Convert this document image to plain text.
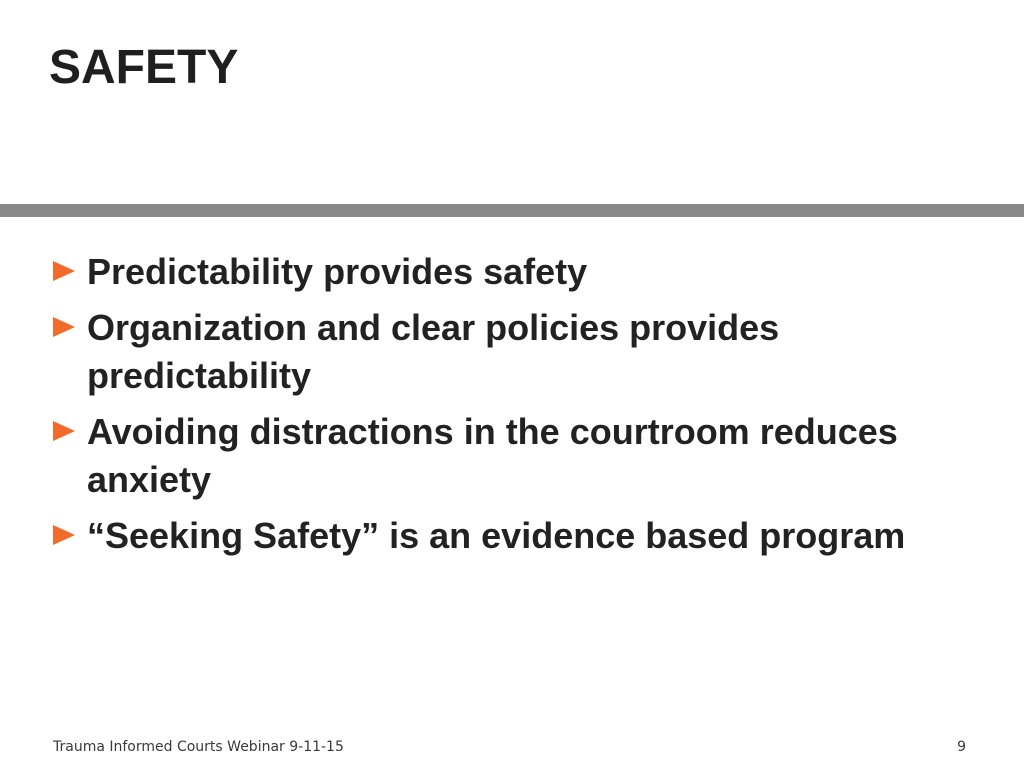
SAFETY
Predictability provides safety
Organization and clear policies provides predictability
Avoiding distractions in the courtroom reduces anxiety
“Seeking Safety” is an evidence based program
Trauma Informed Courts Webinar 9-11-15	9
